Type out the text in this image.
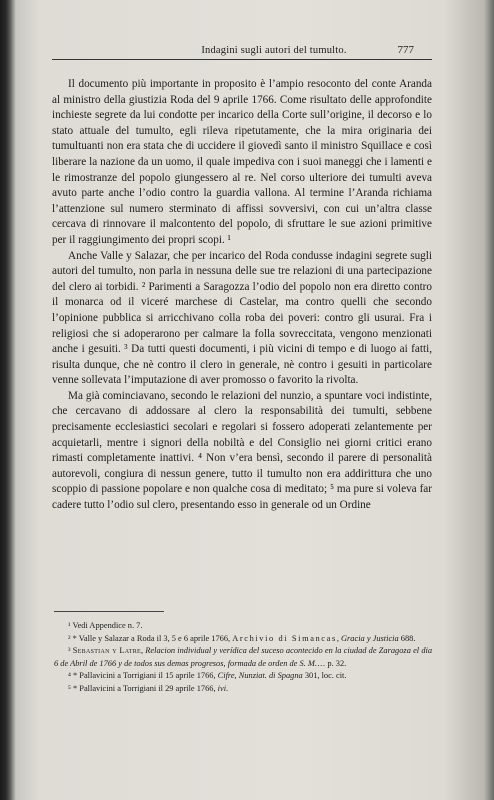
Indagini sugli autori del tumulto.	777

Il documento più importante in proposito è l’ampio resoconto del conte Aranda al ministro della giustizia Roda del 9 aprile 1766. Come risultato delle approfondite inchieste segrete da lui condotte per incarico della Corte sull’origine, il decorso e lo stato attuale del tumulto, egli rileva ripetutamente, che la mira originaria dei tumultuanti non era stata che di uccidere il giovedì santo il ministro Squillace e così liberare la nazione da un uomo, il quale impediva con i suoi maneggi che i lamenti e le rimostranze del popolo giungessero al re. Nel corso ulteriore dei tumulti aveva avuto parte anche l’odio contro la guardia vallona. Al termine l’Aranda richiama l’attenzione sul numero sterminato di affissi sovversivi, con cui un’altra classe cercava di rinnovare il malcontento del popolo, di sfruttare le sue azioni primitive per il raggiungimento dei propri scopi. ¹

Anche Valle y Salazar, che per incarico del Roda condusse indagini segrete sugli autori del tumulto, non parla in nessuna delle sue tre relazioni di una partecipazione del clero ai torbidi. ² Parimenti a Saragozza l’odio del popolo non era diretto contro il monarca od il viceré marchese di Castelar, ma contro quelli che secondo l’opinione pubblica si arricchivano colla roba dei poveri: contro gli usurai. Fra i religiosi che si adoperarono per calmare la folla sovreccitata, vengono menzionati anche i gesuiti. ³ Da tutti questi documenti, i più vicini di tempo e di luogo ai fatti, risulta dunque, che nè contro il clero in generale, nè contro i gesuiti in particolare venne sollevata l’imputazione di aver promosso o favorito la rivolta.

Ma già cominciavano, secondo le relazioni del nunzio, a spuntare voci indistinte, che cercavano di addossare al clero la responsabilità dei tumulti, sebbene precisamente ecclesiastici secolari e regolari si fossero adoperati zelantemente per acquietarli, mentre i signori della nobiltà e del Consiglio nei giorni critici erano rimasti completamente inattivi. ⁴ Non v’era bensì, secondo il parere di personalità autorevoli, congiura di nessun genere, tutto il tumulto non era addirittura che uno scoppio di passione popolare e non qualche cosa di meditato; ⁵ ma pure si voleva far cadere tutto l’odio sul clero, presentando esso in generale od un Ordine

¹ Vedi Appendice n. 7.

² * Valle y Salazar a Roda il 3, 5 e 6 aprile 1766, Archivio di Simancas, Gracia y Justicia 688.

³ Sebastian y Latre, Relacion individual y verídica del suceso acontecido en la ciudad de Zaragoza el dia 6 de Abril de 1766 y de todos sus demas progresos, formada de orden de S. M.… p. 32.

⁴ * Pallavicini a Torrigiani il 15 aprile 1766, Cifre, Nunziat. di Spagna 301, loc. cit.

⁵ * Pallavicini a Torrigiani il 29 aprile 1766, ivi.
